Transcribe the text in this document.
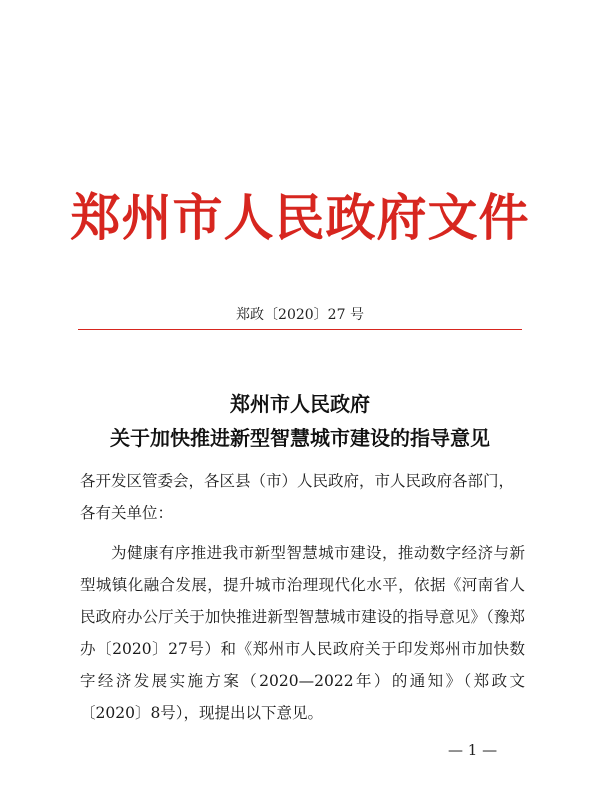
郑州市人民政府文件
郑政〔2020〕27 号
郑州市人民政府
关于加快推进新型智慧城市建设的指导意见
各开发区管委会，各区县（市）人民政府，市人民政府各部门，各有关单位：
为健康有序推进我市新型智慧城市建设，推动数字经济与新型城镇化融合发展，提升城市治理现代化水平，依据《河南省人民政府办公厅关于加快推进新型智慧城市建设的指导意见》（豫郑办〔2020〕27号）和《郑州市人民政府关于印发郑州市加快数字经济发展实施方案（2020—2022年）的通知》（郑政文〔2020〕8号），现提出以下意见。
— 1 —
